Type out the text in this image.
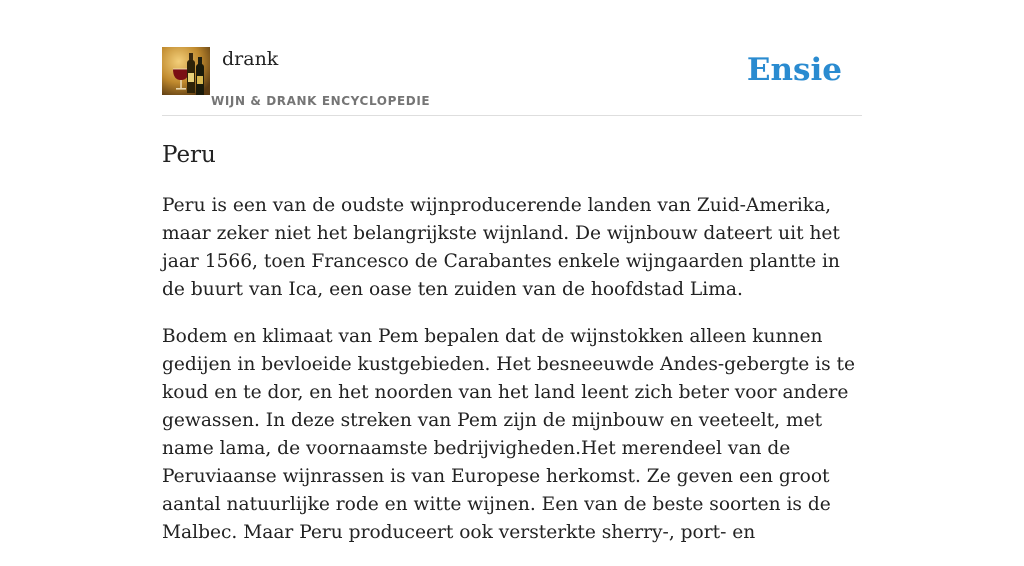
drank
WIJN & DRANK ENCYCLOPEDIE
Ensie
Peru

Peru is een van de oudste wijnproducerende landen van Zuid-Amerika, maar zeker niet het belangrijkste wijnland. De wijnbouw dateert uit het jaar 1566, toen Francesco de Carabantes enkele wijngaarden plantte in de buurt van Ica, een oase ten zuiden van de hoofdstad Lima.

Bodem en klimaat van Pem bepalen dat de wijnstokken alleen kunnen gedijen in bevloeide kustgebieden. Het besneeuwde Andes-gebergte is te koud en te dor, en het noorden van het land leent zich beter voor andere gewassen. In deze streken van Pem zijn de mijnbouw en veeteelt, met name lama, de voornaamste bedrijvigheden.Het merendeel van de Peruviaanse wijnrassen is van Europese herkomst. Ze geven een groot aantal natuurlijke rode en witte wijnen. Een van de beste soorten is de Malbec. Maar Peru produceert ook versterkte sherry-, port- en
